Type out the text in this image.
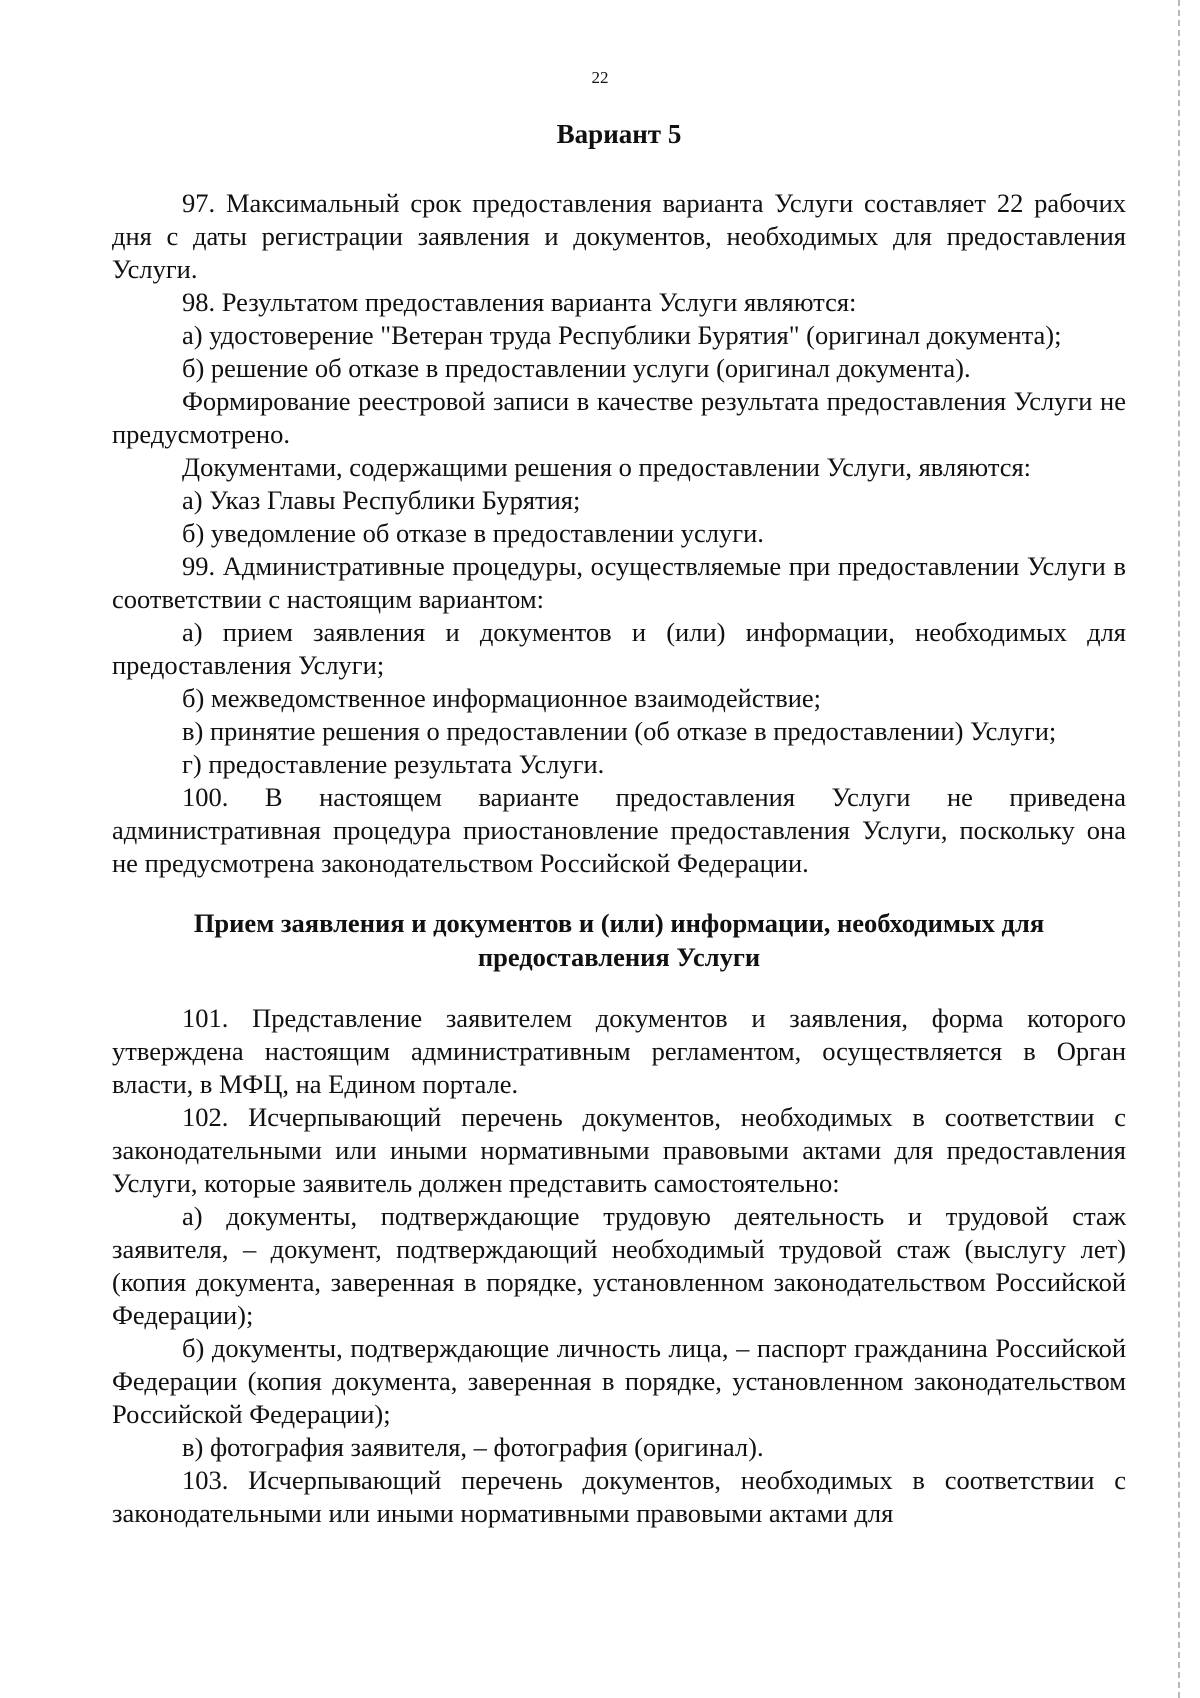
22
Вариант 5

97. Максимальный срок предоставления варианта Услуги составляет 22 рабочих дня с даты регистрации заявления и документов, необходимых для предоставления Услуги.

98. Результатом предоставления варианта Услуги являются:

а) удостоверение "Ветеран труда Республики Бурятия" (оригинал документа);

б) решение об отказе в предоставлении услуги (оригинал документа).

Формирование реестровой записи в качестве результата предоставления Услуги не предусмотрено.

Документами, содержащими решения о предоставлении Услуги, являются:

а) Указ Главы Республики Бурятия;

б) уведомление об отказе в предоставлении услуги.

99. Административные процедуры, осуществляемые при предоставлении Услуги в соответствии с настоящим вариантом:

а) прием заявления и документов и (или) информации, необходимых для предоставления Услуги;

б) межведомственное информационное взаимодействие;

в) принятие решения о предоставлении (об отказе в предоставлении) Услуги;

г) предоставление результата Услуги.

100. В настоящем варианте предоставления Услуги не приведена административная процедура приостановление предоставления Услуги, поскольку она не предусмотрена законодательством Российской Федерации.

Прием заявления и документов и (или) информации, необходимых для предоставления Услуги

101. Представление заявителем документов и заявления, форма которого утверждена настоящим административным регламентом, осуществляется в Орган власти, в МФЦ, на Едином портале.

102. Исчерпывающий перечень документов, необходимых в соответствии с законодательными или иными нормативными правовыми актами для предоставления Услуги, которые заявитель должен представить самостоятельно:

а) документы, подтверждающие трудовую деятельность и трудовой стаж заявителя, – документ, подтверждающий необходимый трудовой стаж (выслугу лет) (копия документа, заверенная в порядке, установленном законодательством Российской Федерации);

б) документы, подтверждающие личность лица, – паспорт гражданина Российской Федерации (копия документа, заверенная в порядке, установленном законодательством Российской Федерации);

в) фотография заявителя, – фотография (оригинал).

103. Исчерпывающий перечень документов, необходимых в соответствии с законодательными или иными нормативными правовыми актами для
